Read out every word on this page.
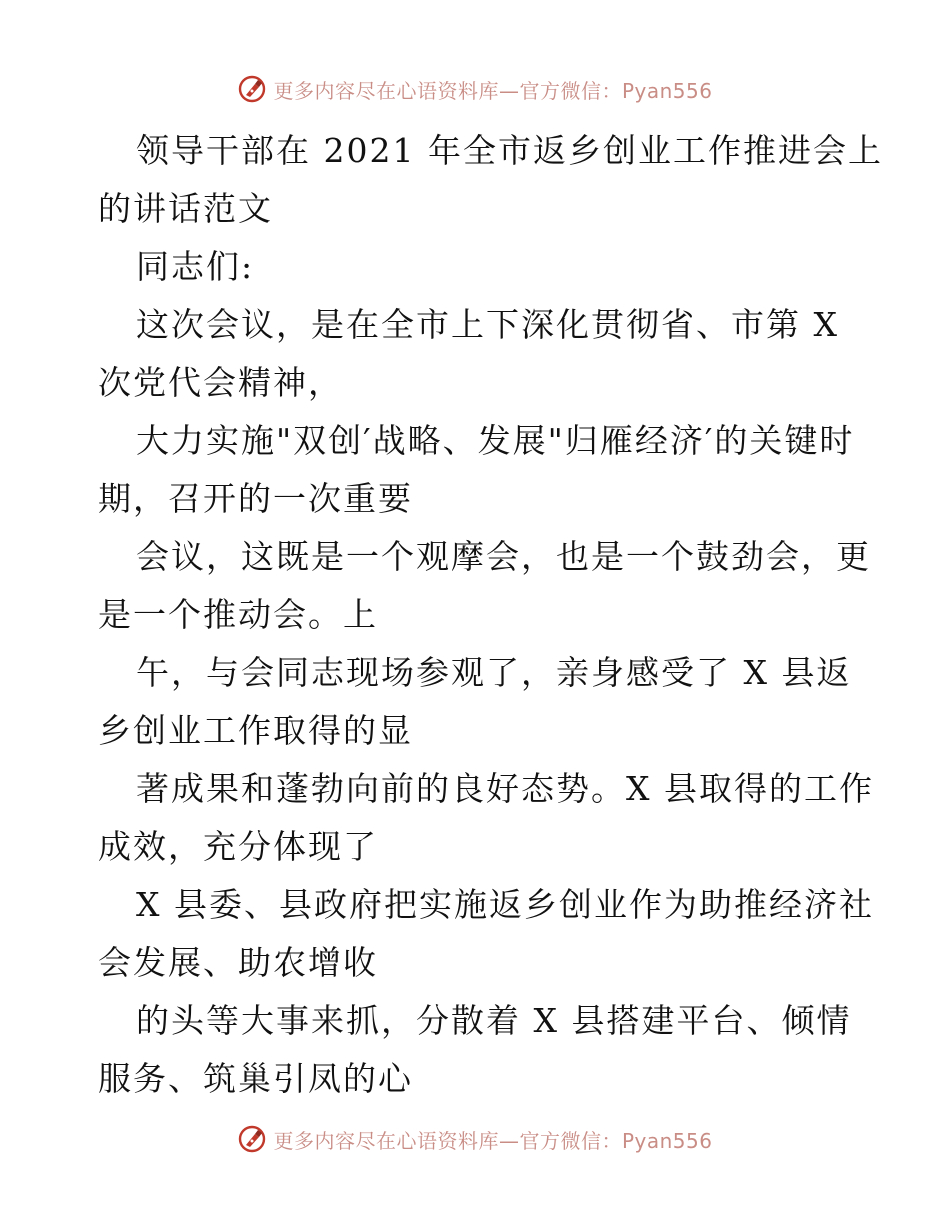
更多内容尽在心语资料库—官方微信：Pyan556

领导干部在 2021 年全市返乡创业工作推进会上
的讲话范文

同志们:

这次会议，是在全市上下深化贯彻省、市第 X
次党代会精神，

大力实施"双创′战略、发展"归雁经济′的关键时
期，召开的一次重要

会议，这既是一个观摩会，也是一个鼓劲会，更
是一个推动会。上

午，与会同志现场参观了，亲身感受了 X 县返
乡创业工作取得的显

著成果和蓬勃向前的良好态势。X 县取得的工作
成效，充分体现了

X 县委、县政府把实施返乡创业作为助推经济社
会发展、助农增收

的头等大事来抓，分散着 X 县搭建平台、倾情
服务、筑巢引凤的心

更多内容尽在心语资料库—官方微信：Pyan556
